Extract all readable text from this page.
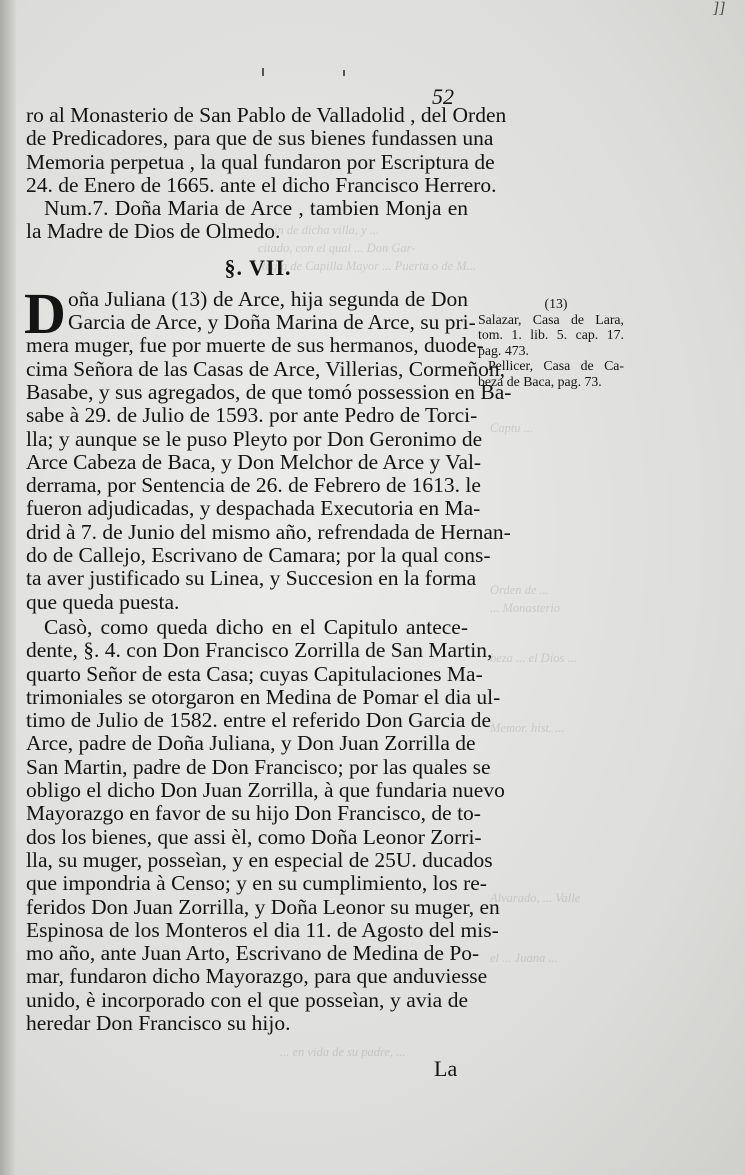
luján de dicha villa, y ...
citado, con el qual ... Don Gar-
Regla de Capilla Mayor ... Puerta o de M...
Captu ...
Orden de ...
... Monasterio
beza ... el Dios ...
Memor. hist. ...
Alvarado, ... Valle
el ... Juana ...
... en vida de su padre, ...
]]
52
ro al Monasterio de San Pablo de Valladolid , del Orden
de Predicadores, para que de sus bienes fundassen una
Memoria perpetua , la qual fundaron por Escriptura de
24. de Enero de 1665. ante el dicho Francisco Herrero.
Num.7. Doña Maria de Arce , tambien Monja en
la Madre de Dios de Olmedo.
§. VII.
D oña Juliana (13) de Arce, hija segunda de Don
Garcia de Arce, y Doña Marina de Arce, su pri-
mera muger, fue por muerte de sus hermanos, duode-
cima Señora de las Casas de Arce, Villerias, Cormeñon,
Basabe, y sus agregados, de que tomó possession en Ba-
sabe à 29. de Julio de 1593. por ante Pedro de Torci-
lla; y aunque se le puso Pleyto por Don Geronimo de
Arce Cabeza de Baca, y Don Melchor de Arce y Val-
derrama, por Sentencia de 26. de Febrero de 1613. le
fueron adjudicadas, y despachada Executoria en Ma-
drid à 7. de Junio del mismo año, refrendada de Hernan-
do de Callejo, Escrivano de Camara; por la qual cons-
ta aver justificado su Linea, y Succesion en la forma
que queda puesta.
Casò, como queda dicho en el Capitulo antece-
dente, §. 4. con Don Francisco Zorrilla de San Martin,
quarto Señor de esta Casa; cuyas Capitulaciones Ma-
trimoniales se otorgaron en Medina de Pomar el dia ul-
timo de Julio de 1582. entre el referido Don Garcia de
Arce, padre de Doña Juliana, y Don Juan Zorrilla de
San Martin, padre de Don Francisco; por las quales se
obligo el dicho Don Juan Zorrilla, à que fundaria nuevo
Mayorazgo en favor de su hijo Don Francisco, de to-
dos los bienes, que assi èl, como Doña Leonor Zorri-
lla, su muger, posseìan, y en especial de 25U. ducados
que impondria à Censo; y en su cumplimiento, los re-
feridos Don Juan Zorrilla, y Doña Leonor su muger, en
Espinosa de los Monteros el dia 11. de Agosto del mis-
mo año, ante Juan Arto, Escrivano de Medina de Po-
mar, fundaron dicho Mayorazgo, para que anduviesse
unido, è incorporado con el que posseìan, y avia de
heredar Don Francisco su hijo.
(13)
Salazar, Casa de Lara,
tom. 1. lib. 5. cap. 17.
pag. 473.
Pellicer, Casa de Ca-
beza de Baca, pag. 73.
La
